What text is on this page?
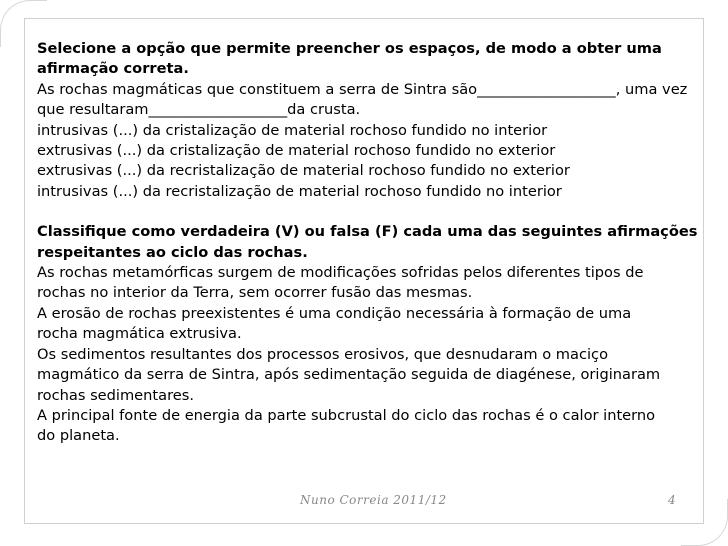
Selecione a opção que permite preencher os espaços, de modo a obter uma

afirmação correta.

As rochas magmáticas que constituem a serra de Sintra são___________________, uma vez

que resultaram___________________da crusta.

intrusivas (...) da cristalização de material rochoso fundido no interior

extrusivas (...) da cristalização de material rochoso fundido no exterior

extrusivas (...) da recristalização de material rochoso fundido no exterior

intrusivas (...) da recristalização de material rochoso fundido no interior

Classifique como verdadeira (V) ou falsa (F) cada uma das seguintes afirmações

respeitantes ao ciclo das rochas.

As rochas metamórficas surgem de modificações sofridas pelos diferentes tipos de

rochas no interior da Terra, sem ocorrer fusão das mesmas.

A erosão de rochas preexistentes é uma condição necessária à formação de uma

rocha magmática extrusiva.

Os sedimentos resultantes dos processos erosivos, que desnudaram o maciço

magmático da serra de Sintra, após sedimentação seguida de diagénese, originaram

rochas sedimentares.

A principal fonte de energia da parte subcrustal do ciclo das rochas é o calor interno

do planeta.

Nuno Correia 2011/12	4
